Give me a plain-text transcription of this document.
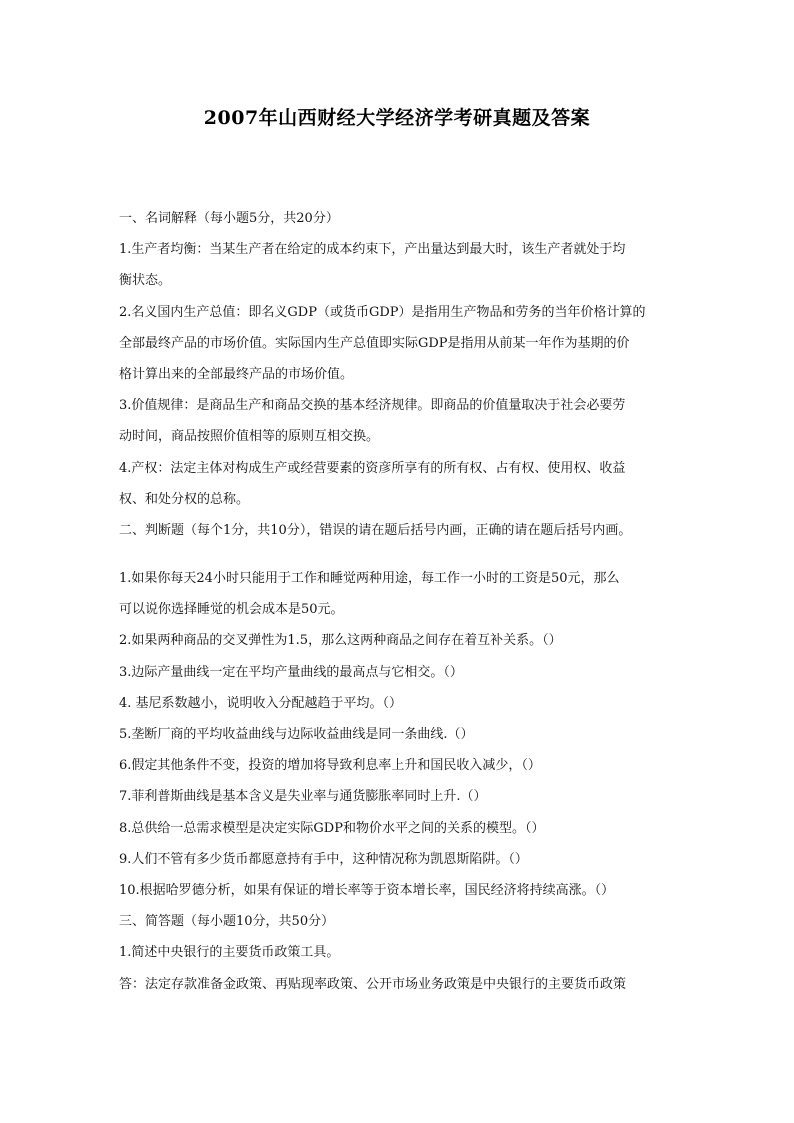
2007年山西财经大学经济学考研真题及答案
一、名词解释（每小题5分，共20分）
1.生产者均衡：当某生产者在给定的成本约束下，产出量达到最大时，该生产者就处于均
衡状态。
2.名义国内生产总值：即名义GDP（或货币GDP）是指用生产物品和劳务的当年价格计算的
全部最终产品的市场价值。实际国内生产总值即实际GDP是指用从前某一年作为基期的价
格计算出来的全部最终产品的市场价值。
3.价值规律：是商品生产和商品交换的基本经济规律。即商品的价值量取决于社会必要劳
动时间，商品按照价值相等的原则互相交换。
4.产权：法定主体对构成生产或经营要素的资彦所享有的所有权、占有权、使用权、收益
权、和处分权的总称。
二、判断题（每个1分，共10分），错误的请在题后括号内画，正确的请在题后括号内画。
1.如果你每天24小时只能用于工作和睡觉两种用途，每工作一小时的工资是50元，那么
可以说你选择睡觉的机会成本是50元。
2.如果两种商品的交叉弹性为1.5，那么这两种商品之间存在着互补关系。（）
3.边际产量曲线一定在平均产量曲线的最高点与它相交。（）
4. 基尼系数越小，说明收入分配越趋于平均。（）
5.垄断厂商的平均收益曲线与边际收益曲线是同一条曲线.（）
6.假定其他条件不变，投资的增加将导致利息率上升和国民收入减少，（）
7.菲利普斯曲线是基本含义是失业率与通货膨胀率同时上升.（）
8.总供给一总需求模型是决定实际GDP和物价水平之间的关系的模型。（）
9.人们不管有多少货币都愿意持有手中，这种情况称为凯恩斯陷阱。（）
10.根据哈罗德分析，如果有保证的增长率等于资本增长率，国民经济将持续高涨。（）
三、简答题（每小题10分，共50分）
1.简述中央银行的主要货币政策工具。
答：法定存款准备金政策、再贴现率政策、公开市场业务政策是中央银行的主要货币政策
